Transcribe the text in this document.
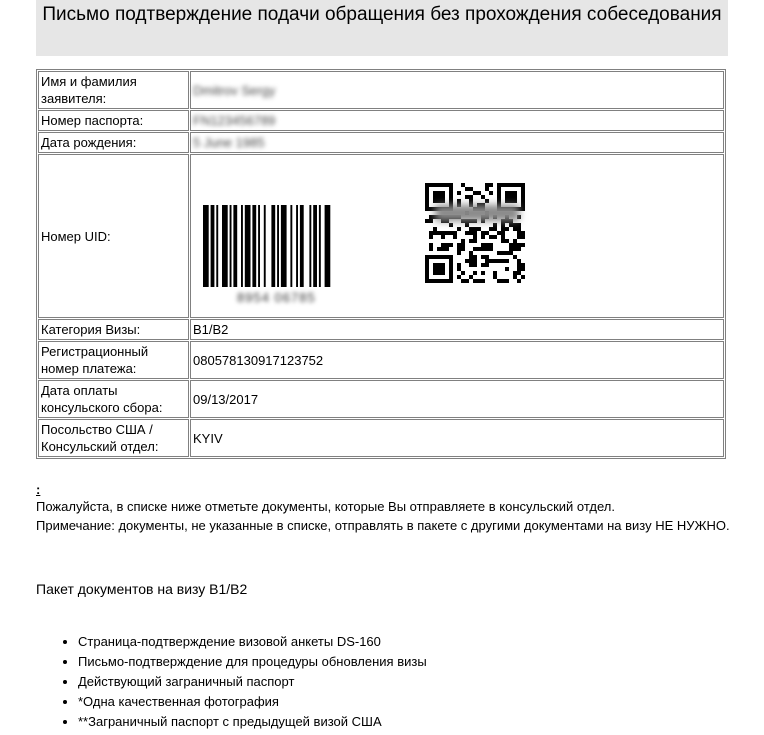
Письмо подтверждение подачи обращения без прохождения собеседования
Имя и фамилия заявителя:	Dmitrov Sergy
Номер паспорта:	FN123456789
Дата рождения:	5 June 1985
Номер UID:	8954 06785

Категория Визы:	B1/B2
Регистрационный номер платежа:	080578130917123752
Дата оплаты консульского сбора:	09/13/2017
Посольство США / Консульский отдел:	KYIV
:
Пожалуйста, в списке ниже отметьте документы, которые Вы отправляете в консульский отдел.
Примечание: документы, не указанные в списке, отправлять в пакете с другими документами на визу НЕ НУЖНО.
Пакет документов на визу B1/B2
• Страница-подтверждение визовой анкеты DS-160
• Письмо-подтверждение для процедуры обновления визы
• Действующий заграничный паспорт
• *Одна качественная фотография
• **Заграничный паспорт с предыдущей визой США
